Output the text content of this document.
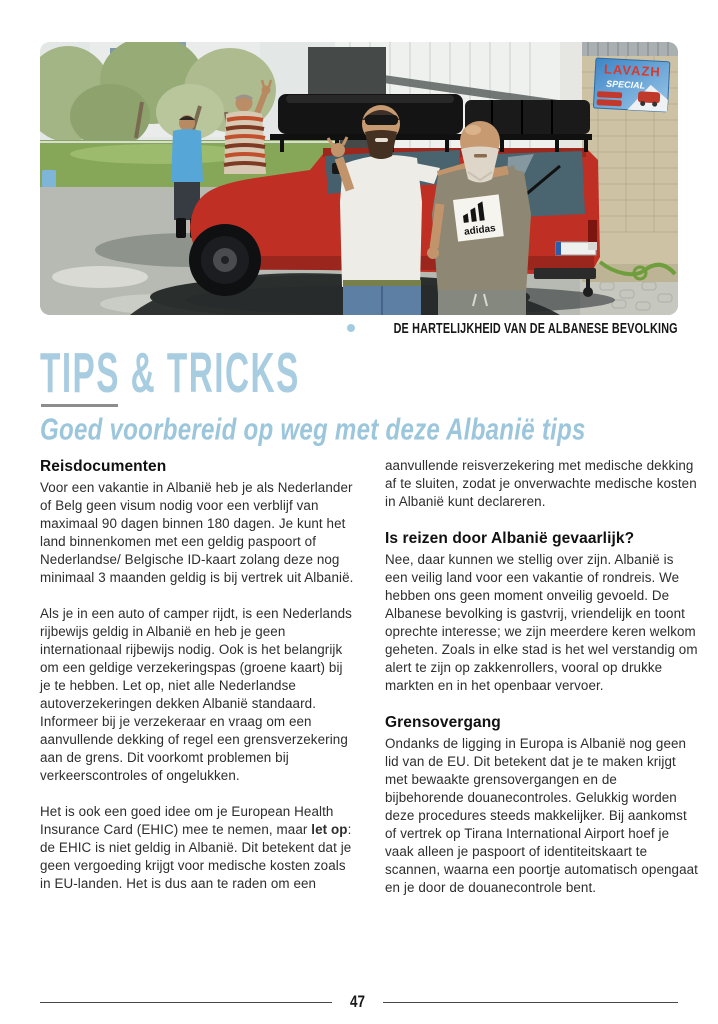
LAVAZH
SPECIAL
adidas
DE HARTELIJKHEID VAN DE ALBANESE BEVOLKING
TIPS & TRICKS
Goed voorbereid op weg met deze Albanië tips
Reisdocumenten

Voor een vakantie in Albanië heb je als Nederlander of Belg geen visum nodig voor een verblijf van maximaal 90 dagen binnen 180 dagen. Je kunt het land binnenkomen met een geldig paspoort of Nederlandse/ Belgische ID-kaart zolang deze nog minimaal 3 maanden geldig is bij vertrek uit Albanië.

Als je in een auto of camper rijdt, is een Nederlands rijbewijs geldig in Albanië en heb je geen internationaal rijbewijs nodig. Ook is het belangrijk om een geldige verzekeringspas (groene kaart) bij je te hebben. Let op, niet alle Nederlandse autoverzekeringen dekken Albanië standaard. Informeer bij je verzekeraar en vraag om een aanvullende dekking of regel een grensverzekering aan de grens. Dit voorkomt problemen bij verkeerscontroles of ongelukken.

Het is ook een goed idee om je European Health Insurance Card (EHIC) mee te nemen, maar let op: de EHIC is niet geldig in Albanië. Dit betekent dat je geen vergoeding krijgt voor medische kosten zoals in EU-landen. Het is dus aan te raden om een

aanvullende reisverzekering met medische dekking af te sluiten, zodat je onverwachte medische kosten in Albanië kunt declareren.

Is reizen door Albanië gevaarlijk?

Nee, daar kunnen we stellig over zijn. Albanië is een veilig land voor een vakantie of rondreis. We hebben ons geen moment onveilig gevoeld. De Albanese bevolking is gastvrij, vriendelijk en toont oprechte interesse; we zijn meerdere keren welkom geheten. Zoals in elke stad is het wel verstandig om alert te zijn op zakkenrollers, vooral op drukke markten en in het openbaar vervoer.

Grensovergang

Ondanks de ligging in Europa is Albanië nog geen lid van de EU. Dit betekent dat je te maken krijgt met bewaakte grensovergangen en de bijbehorende douanecontroles. Gelukkig worden deze procedures steeds makkelijker. Bij aankomst of vertrek op Tirana International Airport hoef je vaak alleen je paspoort of identiteitskaart te scannen, waarna een poortje automatisch opengaat en je door de douanecontrole bent.

47
